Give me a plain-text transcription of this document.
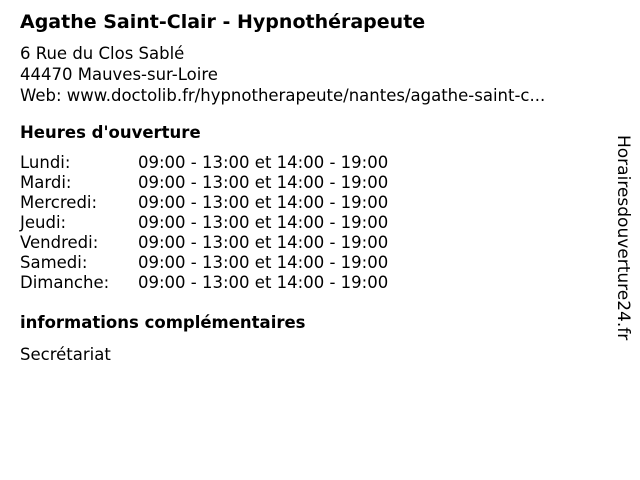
Agathe Saint-Clair - Hypnothérapeute
6 Rue du Clos Sablé
44470 Mauves-sur-Loire
Web: www.doctolib.fr/hypnotherapeute/nantes/agathe-saint-c...
Heures d'ouverture
Lundi:	09:00 - 13:00 et 14:00 - 19:00
Mardi:	09:00 - 13:00 et 14:00 - 19:00
Mercredi:	09:00 - 13:00 et 14:00 - 19:00
Jeudi:	09:00 - 13:00 et 14:00 - 19:00
Vendredi:	09:00 - 13:00 et 14:00 - 19:00
Samedi:	09:00 - 13:00 et 14:00 - 19:00
Dimanche:	09:00 - 13:00 et 14:00 - 19:00
informations complémentaires
Secrétariat
Horairesdouverture24.fr
